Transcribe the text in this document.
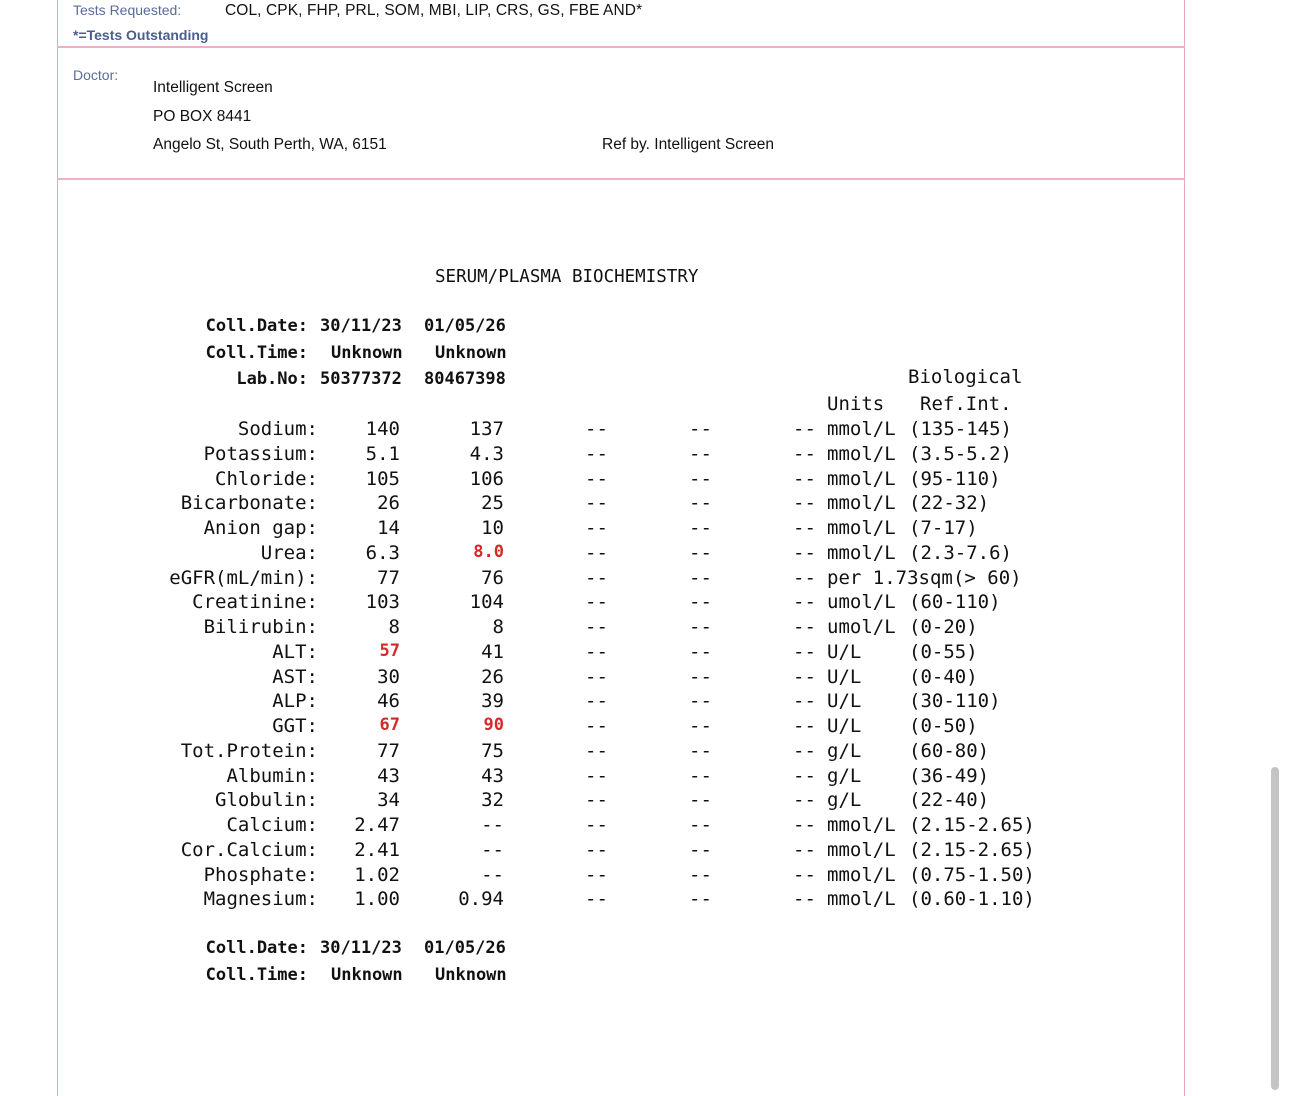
Tests Requested:	COL, CPK, FHP, PRL, SOM, MBI, LIP, CRS, GS, FBE AND*
*=Tests Outstanding
Doctor:
Intelligent Screen
PO BOX 8441
Angelo St, South Perth, WA, 6151	Ref by. Intelligent Screen
SERUM/PLASMA BIOCHEMISTRY
Coll.Date: 30/11/23 01/05/26
Coll.Time: Unknown Unknown
Lab.No: 50377372 80467398	Biological
Units Ref.Int.
Sodium:	140	137	--	--	-- mmol/L (135-145)
Potassium:	5.1	4.3	--	--	-- mmol/L (3.5-5.2)
Chloride:	105	106	--	--	-- mmol/L (95-110)
Bicarbonate:	26	25	--	--	-- mmol/L (22-32)
Anion gap:	14	10	--	--	-- mmol/L (7-17)
Urea:	6.3	8.0	--	--	-- mmol/L (2.3-7.6)
eGFR(mL/min):	77	76	--	--	-- per 1.73sqm (> 60)
Creatinine:	103	104	--	--	-- umol/L (60-110)
Bilirubin:	8	8	--	--	-- umol/L (0-20)
ALT:	57	41	--	--	-- U/L	(0-55)
AST:	30	26	--	--	-- U/L	(0-40)
ALP:	46	39	--	--	-- U/L	(30-110)
GGT:	67	90	--	--	-- U/L	(0-50)
Tot.Protein:	77	75	--	--	-- g/L	(60-80)
Albumin:	43	43	--	--	-- g/L	(36-49)
Globulin:	34	32	--	--	-- g/L	(22-40)
Calcium:	2.47	--	--	--	-- mmol/L (2.15-2.65)
Cor.Calcium:	2.41	--	--	--	-- mmol/L (2.15-2.65)
Phosphate:	1.02	--	--	--	-- mmol/L (0.75-1.50)
Magnesium:	1.00	0.94	--	--	-- mmol/L (0.60-1.10)
Coll.Date: 30/11/23 01/05/26
Coll.Time: Unknown Unknown
